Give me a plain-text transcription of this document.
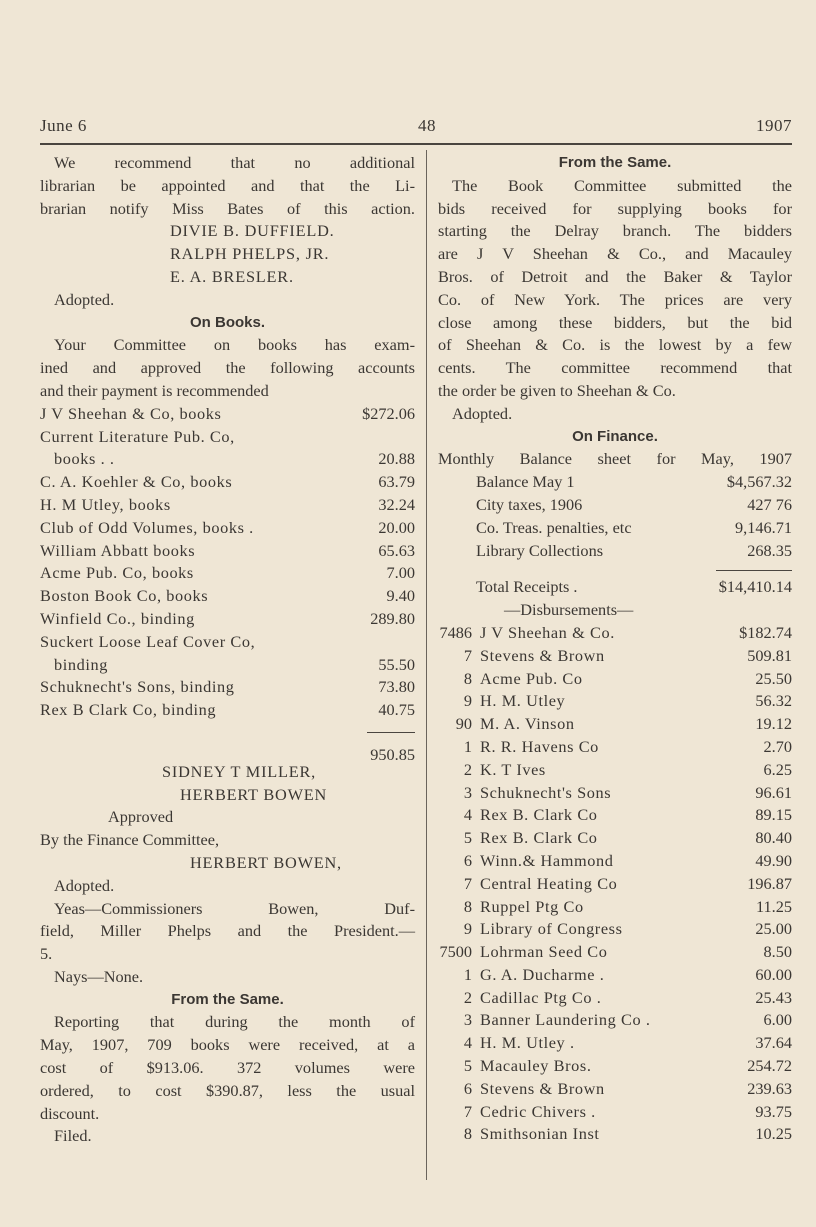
June 6	48	1907
We recommend that no additional
librarian be appointed and that the Li-
brarian notify Miss Bates of this action.
DIVIE B. DUFFIELD.
RALPH PHELPS, JR.
E. A. BRESLER.
Adopted.
On Books.
Your Committee on books has exam-
ined and approved the following accounts
and their payment is recommended
J V Sheehan & Co, books	$272.06
Current Literature Pub. Co,
books . .	20.88
C. A. Koehler & Co, books	63.79
H. M Utley, books	32.24
Club of Odd Volumes, books .	20.00
William Abbatt books	65.63
Acme Pub. Co, books	7.00
Boston Book Co, books	9.40
Winfield Co., binding	289.80
Suckert Loose Leaf Cover Co,
binding	55.50
Schuknecht's Sons, binding	73.80
Rex B Clark Co, binding	40.75
950.85
SIDNEY T MILLER,
HERBERT BOWEN
Approved
By the Finance Committee,
HERBERT BOWEN,
Adopted.
Yeas—Commissioners Bowen, Duf-
field, Miller Phelps and the President.—
5.
Nays—None.
From the Same.
Reporting that during the month of
May, 1907, 709 books were received, at a
cost of $913.06. 372 volumes were
ordered, to cost $390.87, less the usual
discount.
Filed.
From the Same.
The Book Committee submitted the
bids received for supplying books for
starting the Delray branch. The bidders
are J V Sheehan & Co., and Macauley
Bros. of Detroit and the Baker & Taylor
Co. of New York. The prices are very
close among these bidders, but the bid
of Sheehan & Co. is the lowest by a few
cents. The committee recommend that
the order be given to Sheehan & Co.
Adopted.
On Finance.
Monthly Balance sheet for May, 1907
Balance May 1	$4,567.32
City taxes, 1906	427 76
Co. Treas. penalties, etc	9,146.71
Library Collections	268.35
Total Receipts .	$14,410.14
—Disbursements—
7486 J V Sheehan & Co.	$182.74
7 Stevens & Brown	509.81
8 Acme Pub. Co	25.50
9 H. M. Utley	56.32
90 M. A. Vinson	19.12
1 R. R. Havens Co	2.70
2 K. T Ives	6.25
3 Schuknecht's Sons	96.61
4 Rex B. Clark Co	89.15
5 Rex B. Clark Co	80.40
6 Winn.& Hammond	49.90
7 Central Heating Co	196.87
8 Ruppel Ptg Co	11.25
9 Library of Congress	25.00
7500 Lohrman Seed Co	8.50
1 G. A. Ducharme .	60.00
2 Cadillac Ptg Co .	25.43
3 Banner Laundering Co .	6.00
4 H. M. Utley .	37.64
5 Macauley Bros.	254.72
6 Stevens & Brown	239.63
7 Cedric Chivers .	93.75
8 Smithsonian Inst	10.25
